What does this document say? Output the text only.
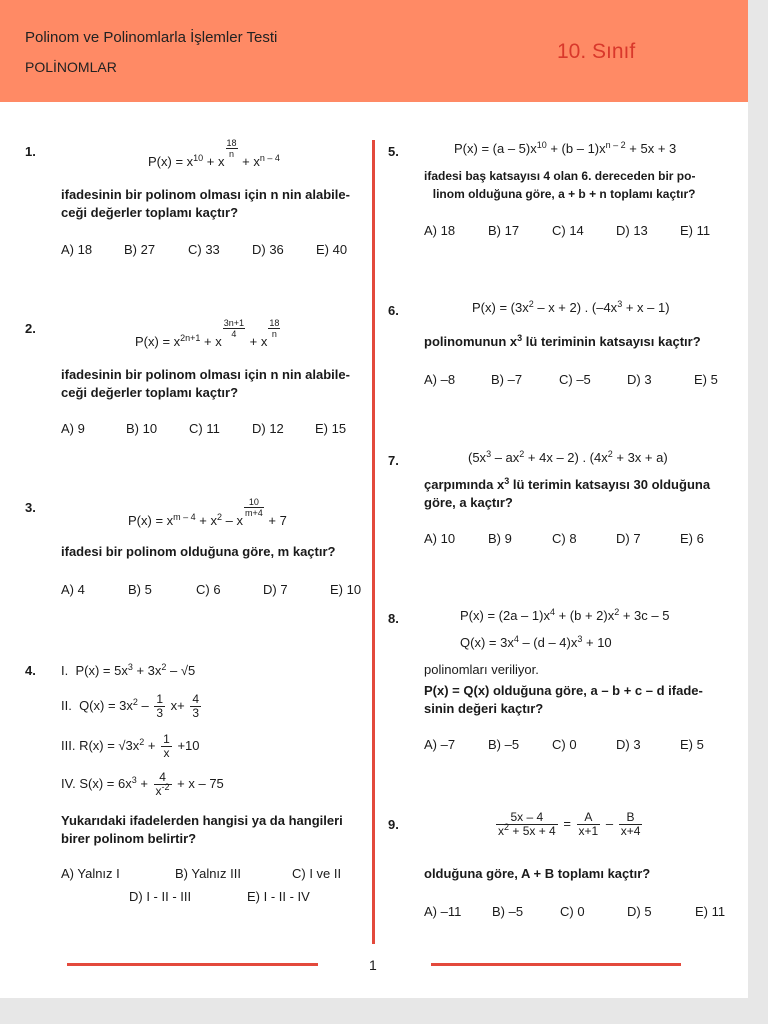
Polinom ve Polinomlarla İşlemler Testi
POLİNOMLAR
10. Sınıf
1
1.
$P(x) = x^{10} + x$
$\frac{18}{n}$
+ $x^{n - 4}$
ifadesinin bir polinom olması için n nin alabile-
ceği değerler toplamı kaçtır?
A) 18 B) 27	C) 33 D) 36 E) 40
2.
$P(x) = x^{2n+1} + x$
$\frac{3n+1}{4}$
+ x
$\frac{18}{n}$
ifadesinin bir polinom olması için n nin alabile-
ceği değerler toplamı kaçtır?
A) 9	B) 10 C) 11 D) 12 E) 15
3.
$P(x) = x^{m - 4} + x^2 - x$
$\frac{10}{m+4}$
+ 7
ifadesi bir polinom olduğuna göre, m kaçtır?
A) 4	B) 5	C) 6	D) 7	E) 10
4. I.  $P(x) = 5x^3 + 3x^2 - √5$
II.  $Q(x) = 3x^2 - \frac{1}{3} x+ \frac{4}{3}$
III. $R(x) = √3x^2 + \frac{1}{x} +10$
IV. $S(x) = 6x^3 + \frac{4}{x^{-2}} + x - 75$
Yukarıdaki ifadelerden hangisi ya da hangileri
birer polinom belirtir?
A) Yalnız I	B) Yalnız III	C) I ve II
D) I - II - III	E) I - II - IV
5.	$P(x) = (a - 5)x^{10} + (b - 1)x^{n - 2} + 5x + 3$
ifadesi baş katsayısı 4 olan 6. dereceden bir po-
linom olduğuna göre, a + b + n toplamı kaçtır?
A) 18	B) 17	C) 14 D) 13 E) 11
6.	$P(x) = (3x^2 - x + 2)$ . $(-4x^3 + x - 1)$
polinomunun $x^3$ lü teriminin katsayısı kaçtır?
A) –8	B) –7	C) –5	D) 3	E) 5
7.	$(5x^3 - ax^2 + 4x - 2)$ . $(4x^2 + 3x + a)$
çarpımında $x^3$ lü terimin katsayısı 30 olduğuna
göre, a kaçtır?
A) 10	B) 9	C) 8	D) 7	E) 6
8.	$P(x) = (2a - 1)x^4 + (b + 2)x^2 + 3c - 5$
$Q(x) = 3x^4 - (d - 4)x^3 + 10$
polinomları veriliyor.
P(x) = Q(x) olduğuna göre, a – b + c – d ifade-
sinin değeri kaçtır?
A) –7	B) –5	C) 0	D) 3	E) 5
9.	$\frac{5x - 4}{x^2 + 5x + 4} = \frac{A}{x+1} - \frac{B}{x+4}$
olduğuna göre, A + B toplamı kaçtır?
A) –11 B) –5	C) 0	D) 5	E) 11
